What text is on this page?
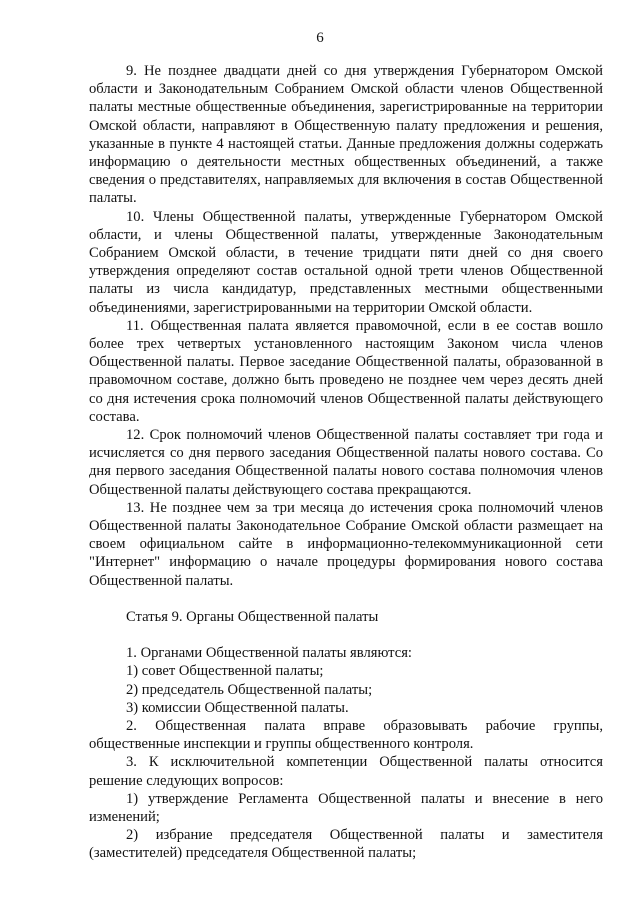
6

9. Не позднее двадцати дней со дня утверждения Губернатором Омской области и Законодательным Собранием Омской области членов Общественной палаты местные общественные объединения, зарегистрированные на территории Омской области, направляют в Общественную палату предложения и решения, указанные в пункте 4 настоящей статьи. Данные предложения должны содержать информацию о деятельности местных общественных объединений, а также сведения о представителях, направляемых для включения в состав Общественной палаты.

10. Члены Общественной палаты, утвержденные Губернатором Омской области, и члены Общественной палаты, утвержденные Законодательным Собранием Омской области, в течение тридцати пяти дней со дня своего утверждения определяют состав остальной одной трети членов Общественной палаты из числа кандидатур, представленных местными общественными объединениями, зарегистрированными на территории Омской области.

11. Общественная палата является правомочной, если в ее состав вошло более трех четвертых установленного настоящим Законом числа членов Общественной палаты. Первое заседание Общественной палаты, образованной в правомочном составе, должно быть проведено не позднее чем через десять дней со дня истечения срока полномочий членов Общественной палаты действующего состава.

12. Срок полномочий членов Общественной палаты составляет три года и исчисляется со дня первого заседания Общественной палаты нового состава. Со дня первого заседания Общественной палаты нового состава полномочия членов Общественной палаты действующего состава прекращаются.

13. Не позднее чем за три месяца до истечения срока полномочий членов Общественной палаты Законодательное Собрание Омской области размещает на своем официальном сайте в информационно-телекоммуникационной сети "Интернет" информацию о начале процедуры формирования нового состава Общественной палаты.

Статья 9. Органы Общественной палаты

1. Органами Общественной палаты являются:

1) совет Общественной палаты;

2) председатель Общественной палаты;

3) комиссии Общественной палаты.

2. Общественная палата вправе образовывать рабочие группы, общественные инспекции и группы общественного контроля.

3. К исключительной компетенции Общественной палаты относится решение следующих вопросов:

1) утверждение Регламента Общественной палаты и внесение в него изменений;

2) избрание председателя Общественной палаты и заместителя (заместителей) председателя Общественной палаты;
